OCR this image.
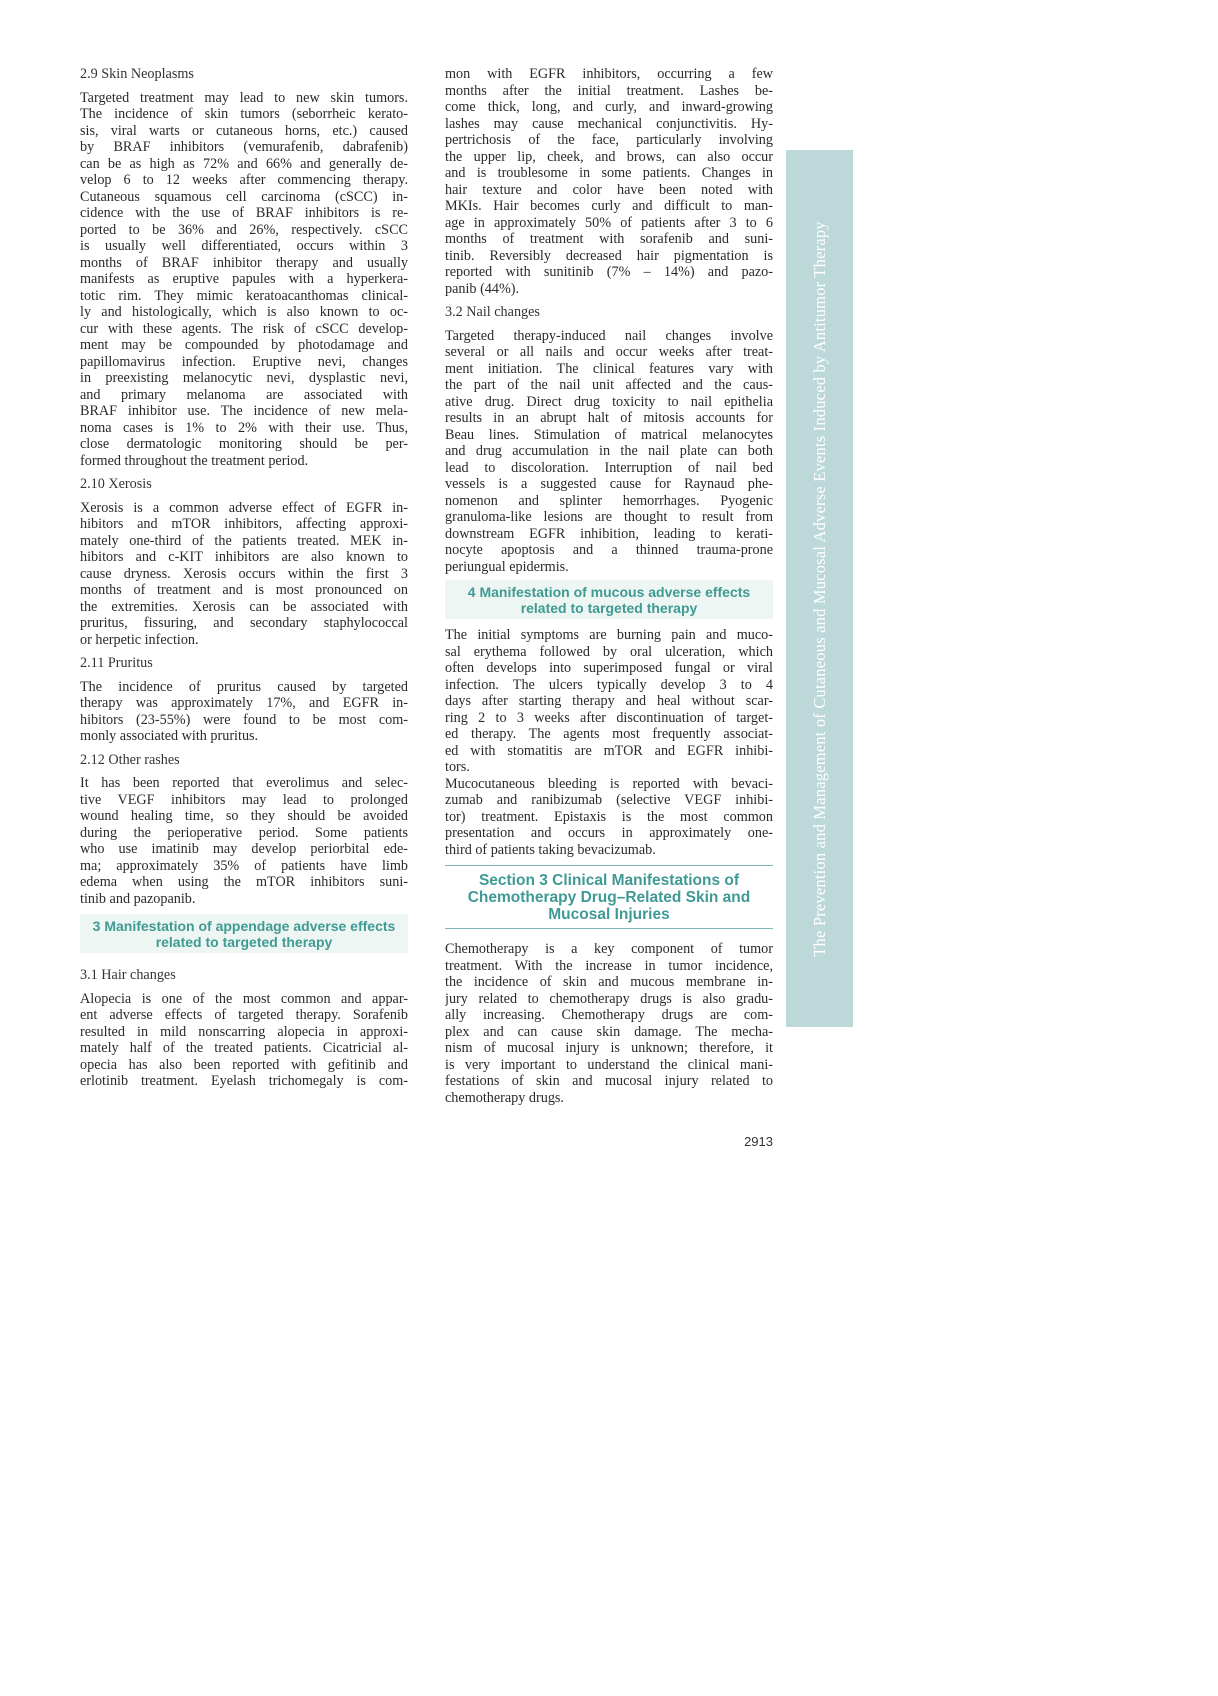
2.9 Skin Neoplasms
Targeted treatment may lead to new skin tumors.
The incidence of skin tumors (seborrheic kerato-
sis, viral warts or cutaneous horns, etc.) caused
by BRAF inhibitors (vemurafenib, dabrafenib)
can be as high as 72% and 66% and generally de-
velop 6 to 12 weeks after commencing therapy.
Cutaneous squamous cell carcinoma (cSCC) in-
cidence with the use of BRAF inhibitors is re-
ported to be 36% and 26%, respectively. cSCC
is usually well differentiated, occurs within 3
months of BRAF inhibitor therapy and usually
manifests as eruptive papules with a hyperkera-
totic rim. They mimic keratoacanthomas clinical-
ly and histologically, which is also known to oc-
cur with these agents. The risk of cSCC develop-
ment may be compounded by photodamage and
papillomavirus infection. Eruptive nevi, changes
in preexisting melanocytic nevi, dysplastic nevi,
and primary melanoma are associated with
BRAF inhibitor use. The incidence of new mela-
noma cases is 1% to 2% with their use. Thus,
close dermatologic monitoring should be per-
formed throughout the treatment period.
2.10 Xerosis
Xerosis is a common adverse effect of EGFR in-
hibitors and mTOR inhibitors, affecting approxi-
mately one-third of the patients treated. MEK in-
hibitors and c-KIT inhibitors are also known to
cause dryness. Xerosis occurs within the first 3
months of treatment and is most pronounced on
the extremities. Xerosis can be associated with
pruritus, fissuring, and secondary staphylococcal
or herpetic infection.
2.11 Pruritus
The incidence of pruritus caused by targeted
therapy was approximately 17%, and EGFR in-
hibitors (23-55%) were found to be most com-
monly associated with pruritus.
2.12 Other rashes
It has been reported that everolimus and selec-
tive VEGF inhibitors may lead to prolonged
wound healing time, so they should be avoided
during the perioperative period. Some patients
who use imatinib may develop periorbital ede-
ma; approximately 35% of patients have limb
edema when using the mTOR inhibitors suni-
tinib and pazopanib.
3 Manifestation of appendage adverse effects
related to targeted therapy
3.1 Hair changes
Alopecia is one of the most common and appar-
ent adverse effects of targeted therapy. Sorafenib
resulted in mild nonscarring alopecia in approxi-
mately half of the treated patients. Cicatricial al-
opecia has also been reported with gefitinib and
erlotinib treatment. Eyelash trichomegaly is com-
mon with EGFR inhibitors, occurring a few
months after the initial treatment. Lashes be-
come thick, long, and curly, and inward-growing
lashes may cause mechanical conjunctivitis. Hy-
pertrichosis of the face, particularly involving
the upper lip, cheek, and brows, can also occur
and is troublesome in some patients. Changes in
hair texture and color have been noted with
MKIs. Hair becomes curly and difficult to man-
age in approximately 50% of patients after 3 to 6
months of treatment with sorafenib and suni-
tinib. Reversibly decreased hair pigmentation is
reported with sunitinib (7% – 14%) and pazo-
panib (44%).
3.2 Nail changes
Targeted therapy-induced nail changes involve
several or all nails and occur weeks after treat-
ment initiation. The clinical features vary with
the part of the nail unit affected and the caus-
ative drug. Direct drug toxicity to nail epithelia
results in an abrupt halt of mitosis accounts for
Beau lines. Stimulation of matrical melanocytes
and drug accumulation in the nail plate can both
lead to discoloration. Interruption of nail bed
vessels is a suggested cause for Raynaud phe-
nomenon and splinter hemorrhages. Pyogenic
granuloma-like lesions are thought to result from
downstream EGFR inhibition, leading to kerati-
nocyte apoptosis and a thinned trauma-prone
periungual epidermis.
4 Manifestation of mucous adverse effects
related to targeted therapy
The initial symptoms are burning pain and muco-
sal erythema followed by oral ulceration, which
often develops into superimposed fungal or viral
infection. The ulcers typically develop 3 to 4
days after starting therapy and heal without scar-
ring 2 to 3 weeks after discontinuation of target-
ed therapy. The agents most frequently associat-
ed with stomatitis are mTOR and EGFR inhibi-
tors.
Mucocutaneous bleeding is reported with bevaci-
zumab and ranibizumab (selective VEGF inhibi-
tor) treatment. Epistaxis is the most common
presentation and occurs in approximately one-
third of patients taking bevacizumab.
Section 3 Clinical Manifestations of
Chemotherapy Drug–Related Skin and
Mucosal Injuries
Chemotherapy is a key component of tumor
treatment. With the increase in tumor incidence,
the incidence of skin and mucous membrane in-
jury related to chemotherapy drugs is also gradu-
ally increasing. Chemotherapy drugs are com-
plex and can cause skin damage. The mecha-
nism of mucosal injury is unknown; therefore, it
is very important to understand the clinical mani-
festations of skin and mucosal injury related to
chemotherapy drugs.
The Prevention and Management of Cutaneous and Mucosal Adverse Events Induced by Antitumor Therapy
2913
